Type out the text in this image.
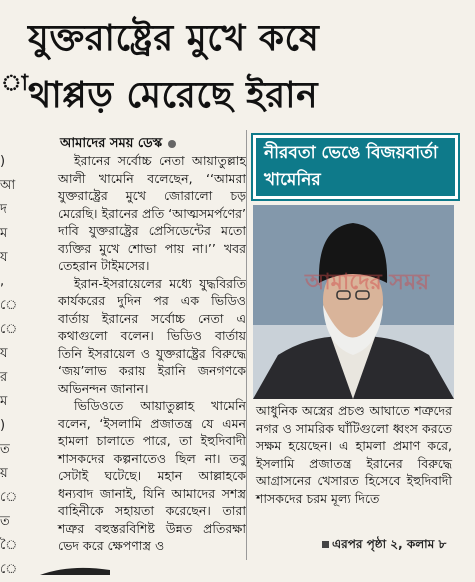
যুক্তরাষ্ট্রের মুখে কষে
থাপ্পড় মেরেছে ইরান
া
)
আ
দ
ম
য
,
ে
ে
য
র
ম
)
ত
য়
ে
ত
ৈ
ে
আমাদের সময় ডেস্ক

ইরানের সর্বোচ্চ নেতা আয়াতুল্লাহ আলী খামেনি বলেছেন, ‘‘আমরা যুক্তরাষ্ট্রের মুখে জোরালো চড় মেরেছি। ইরানের প্রতি ‘আত্মসমর্পণের’ দাবি যুক্তরাষ্ট্রের প্রেসিডেন্টের মতো ব্যক্তির মুখে শোভা পায় না।’’ খবর তেহরান টাইমসের।

ইরান-ইসরায়েলের মধ্যে যুদ্ধবিরতি কার্যকরের দুদিন পর এক ভিডিও বার্তায় ইরানের সর্বোচ্চ নেতা এ কথাগুলো বলেন। ভিডিও বার্তায় তিনি ইসরায়েল ও যুক্তরাষ্ট্রের বিরুদ্ধে ‘জয়’লাভ করায় ইরানি জনগণকে অভিনন্দন জানান।

ভিডিওতে আয়াতুল্লাহ খামেনি বলেন, ‘ইসলামি প্রজাতন্ত্র যে এমন হামলা চালাতে পারে, তা ইহুদিবাদী শাসকদের কল্পনাতেও ছিল না। তবু সেটাই ঘটেছে। মহান আল্লাহকে ধন্যবাদ জানাই, যিনি আমাদের সশস্ত্র বাহিনীকে সহায়তা করেছেন। তারা শত্রুর বহুস্তরবিশিষ্ট উন্নত প্রতিরক্ষা ভেদ করে ক্ষেপণাস্ত্র ও

নীরবতা ভেঙে বিজয়বার্তা খামেনির
আমাদের সময়

আধুনিক অস্ত্রের প্রচণ্ড আঘাতে শত্রুদের নগর ও সামরিক ঘাঁটিগুলো ধ্বংস করতে সক্ষম হয়েছেন। এ হামলা প্রমাণ করে, ইসলামি প্রজাতন্ত্র ইরানের বিরুদ্ধে আগ্রাসনের খেসারত হিসেবে ইহুদিবাদী শাসকদের চরম মূল্য দিতে

এরপর পৃষ্ঠা ২, কলাম ৮
